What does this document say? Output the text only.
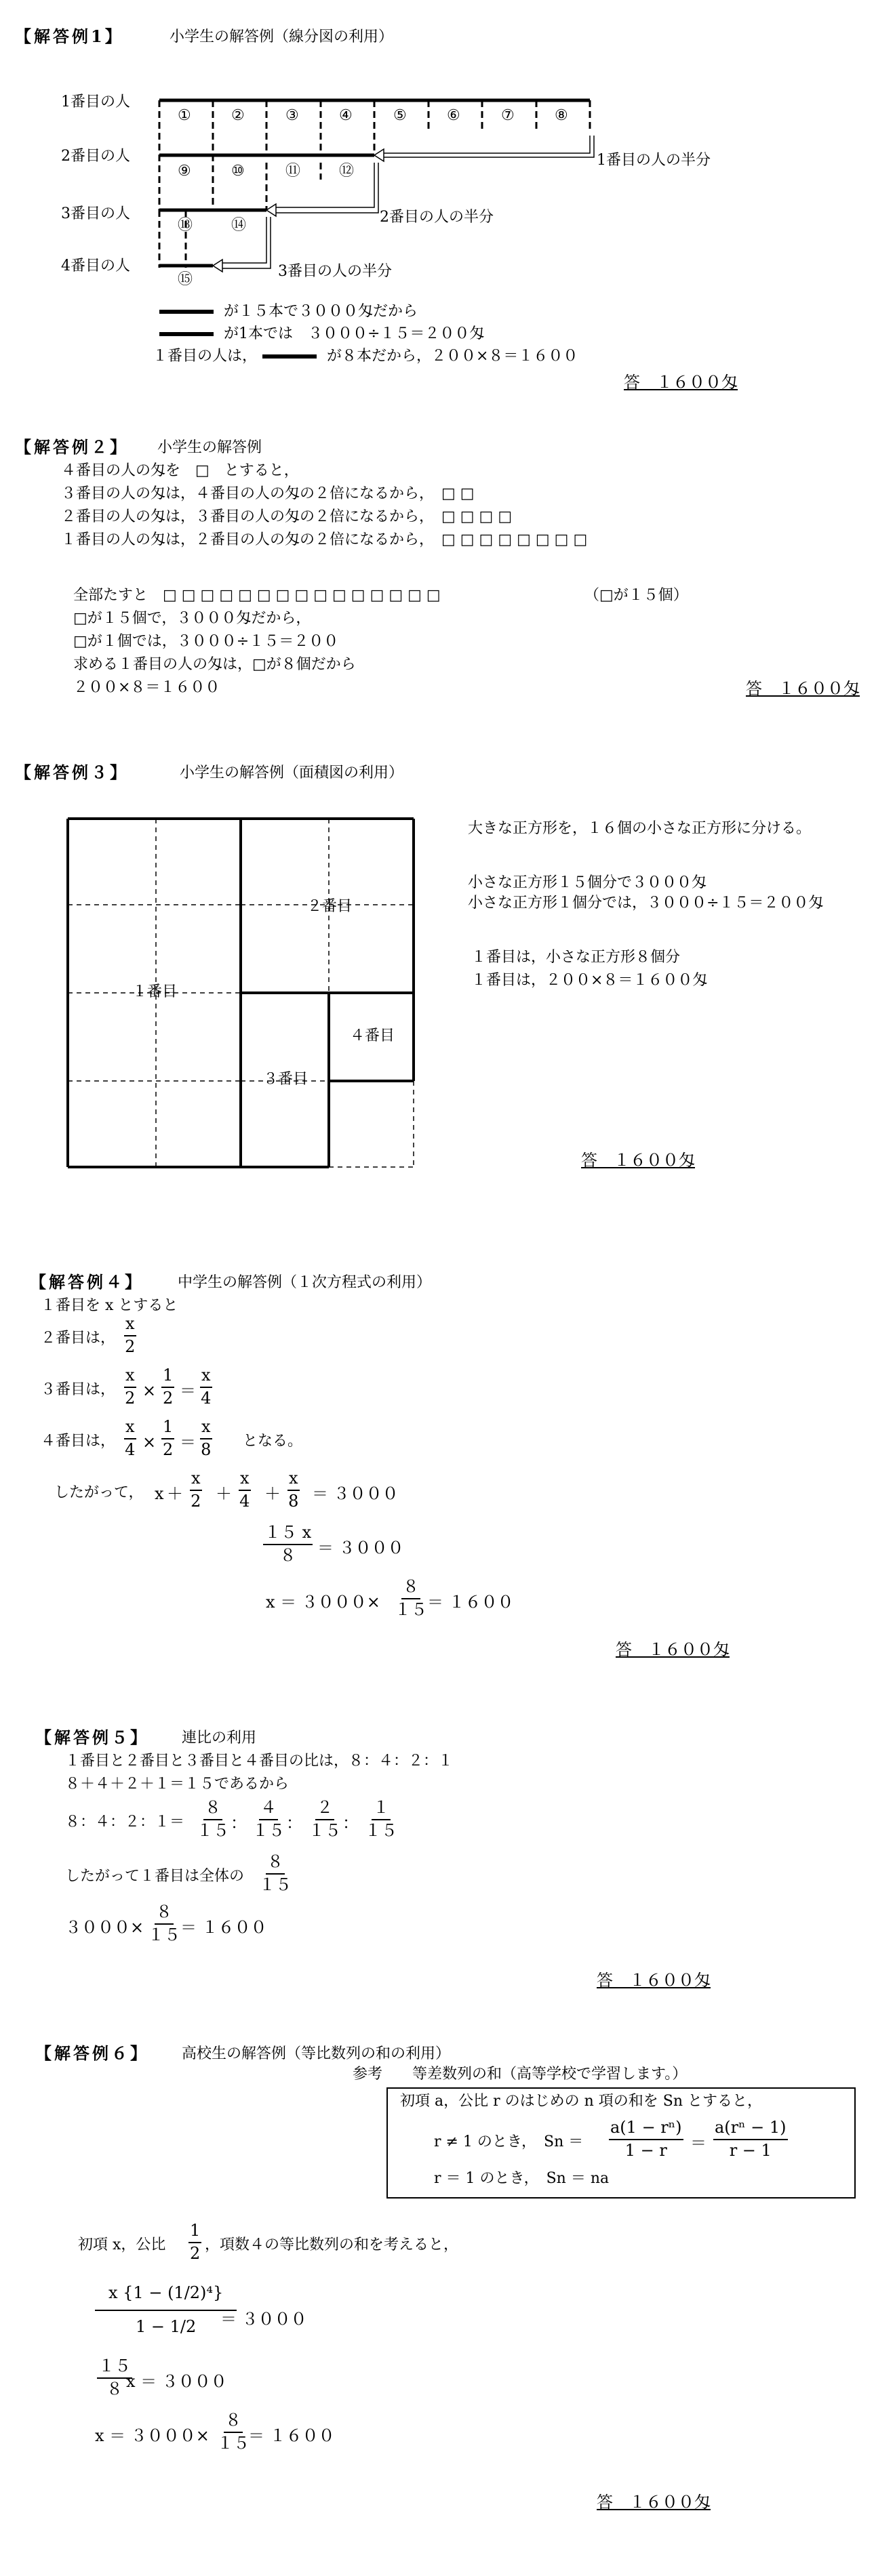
【解答例1】	小学生の解答例（線分図の利用）
1番目の人
2番目の人
3番目の人
4番目の人
①	②	③	④	⑤	⑥	⑦	⑧
⑨	⑩	⑪	⑫
⑬	⑭
⑮
1番目の人の半分
2番目の人の半分
3番目の人の半分
が１５本で３０００匁だから
が1本では　３０００÷１５＝２００匁
１番目の人は，	が８本だから，２００×８＝１６００
答　１６００匁
【解答例２】 小学生の解答例
４番目の人の匁を　□　とすると，
３番目の人の匁は，４番目の人の匁の２倍になるから，　□ □
２番目の人の匁は，３番目の人の匁の２倍になるから，　□ □ □ □
１番目の人の匁は，２番目の人の匁の２倍になるから，　□ □ □ □ □ □ □ □
全部たすと　□ □ □ □ □ □ □ □ □ □ □ □ □ □ □	（□が１５個）
□が１５個で，３０００匁だから，
□が１個では，３０００÷１５＝２００
求める１番目の人の匁は，□が８個だから
２００×８＝１６００	答　１６００匁
【解答例３】	小学生の解答例（面積図の利用）
１番目
２番目
３番目
４番目
大きな正方形を，１６個の小さな正方形に分ける。
小さな正方形１５個分で３０００匁
小さな正方形１個分では，３０００÷１５＝２００匁
１番目は，小さな正方形８個分
１番目は，２００×８＝１６００匁
答　１６００匁
【解答例４】 中学生の解答例（１次方程式の利用）
１番目を x とすると
２番目は， $\frac{x}{2}$
３番目は， $\frac{x}{2} \times \frac{1}{2} = \frac{x}{4}$
４番目は， $\frac{x}{4} \times \frac{1}{2} = \frac{x}{8}$ となる。
したがって， $x + \frac{x}{2} + \frac{x}{4} + \frac{x}{8} = 3000$
１５ x
８ ＝ ３０００
x ＝ ３０００×
８
１５ ＝ １６００
答　１６００匁
【解答例５】 連比の利用
１番目と２番目と３番目と４番目の比は，８：４：２：１
８＋４＋２＋１＝１５であるから
８：４：２：１＝
８
１５ ：
４
１５ ：
２
１５ ：
１
１５
したがって１番目は全体の
８
１５
３０００×
８
１５ ＝ １６００
答　１６００匁
【解答例６】 高校生の解答例（等比数列の和の利用）
参考　　等差数列の和（高等学校で学習します。）
初項 a，公比 r のはじめの n 項の和を Sn とすると，
r ≠ 1 のとき，　$Sn = \frac{\text{a(1 − rⁿ)}}{1 - r} = \frac{\text{a(rⁿ − 1)}}{r - 1}$
r ＝ 1 のとき，　Sn ＝ na
初項 x，公比 $\frac{1}{2}$ ，項数４の等比数列の和を考えると，
$\frac{\text{x \{1 − (1/2)⁴\}}}{1 - 1/2}$
＝ ３０００
１５
８ x ＝ ３０００
x ＝ ３０００×
８
１５
＝ １６００
答　１６００匁
